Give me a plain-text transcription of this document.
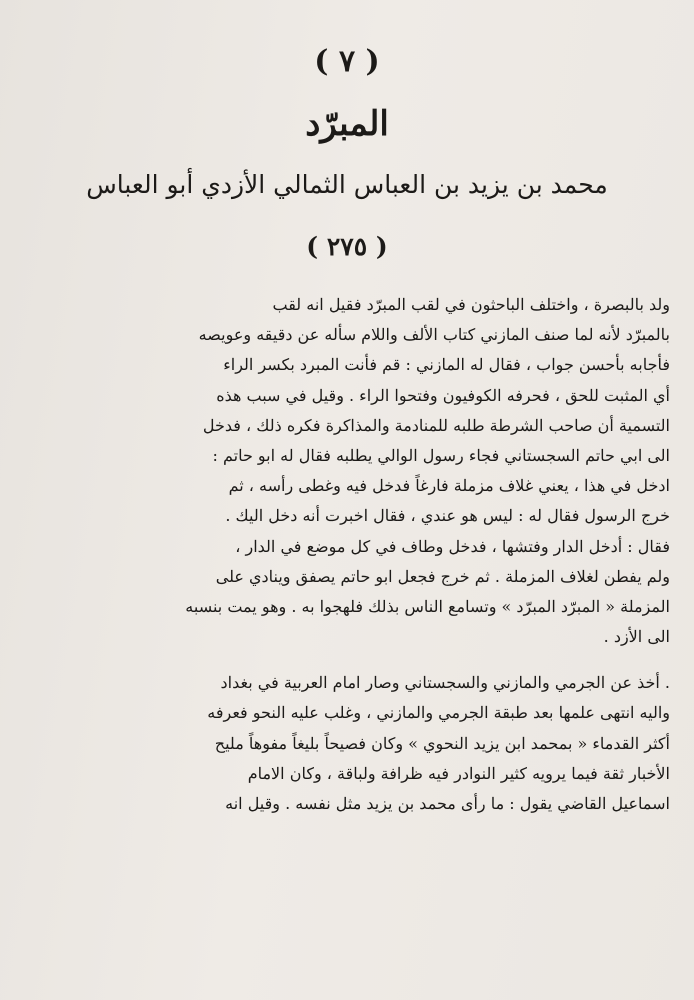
( ٧ )
المبرّد
محمد بن يزيد بن العباس الثمالي الأزدي أبو العباس
( ٢٧٥ )
ولد بالبصرة ، واختلف الباحثون في لقب المبرّد فقيل انه لقب
بالمبرّد لأنه لما صنف المازني كتاب الألف واللام سأله عن دقيقه وعويصه
فأجابه بأحسن جواب ، فقال له المازني : قم فأنت المبرد بكسر الراء
أي المثبت للحق ، فحرفه الكوفيون وفتحوا الراء . وقيل في سبب هذه
التسمية أن صاحب الشرطة طلبه للمنادمة والمذاكرة فكره ذلك ، فدخل
الى ابي حاتم السجستاني فجاء رسول الوالي يطلبه فقال له ابو حاتم :
ادخل في هذا ، يعني غلاف مزملة فارغاً فدخل فيه وغطى رأسه ، ثم
خرج الرسول فقال له : ليس هو عندي ، فقال اخبرت أنه دخل اليك .
فقال : أدخل الدار وفتشها ، فدخل وطاف في كل موضع في الدار ،
ولم يفطن لغلاف المزملة . ثم خرج فجعل ابو حاتم يصفق وينادي على
المزملة « المبرّد المبرّد » وتسامع الناس بذلك فلهجوا به . وهو يمت بنسبه
الى الأزد .
. أخذ عن الجرمي والمازني والسجستاني وصار امام العربية في بغداد
واليه انتهى علمها بعد طبقة الجرمي والمازني ، وغلب عليه النحو فعرفه
أكثر القدماء « بمحمد ابن يزيد النحوي » وكان فصيحاً بليغاً مفوهاً مليح
الأخبار ثقة فيما يرويه كثير النوادر فيه ظرافة ولباقة ، وكان الامام
اسماعيل القاضي يقول : ما رأى محمد بن يزيد مثل نفسه . وقيل انه
